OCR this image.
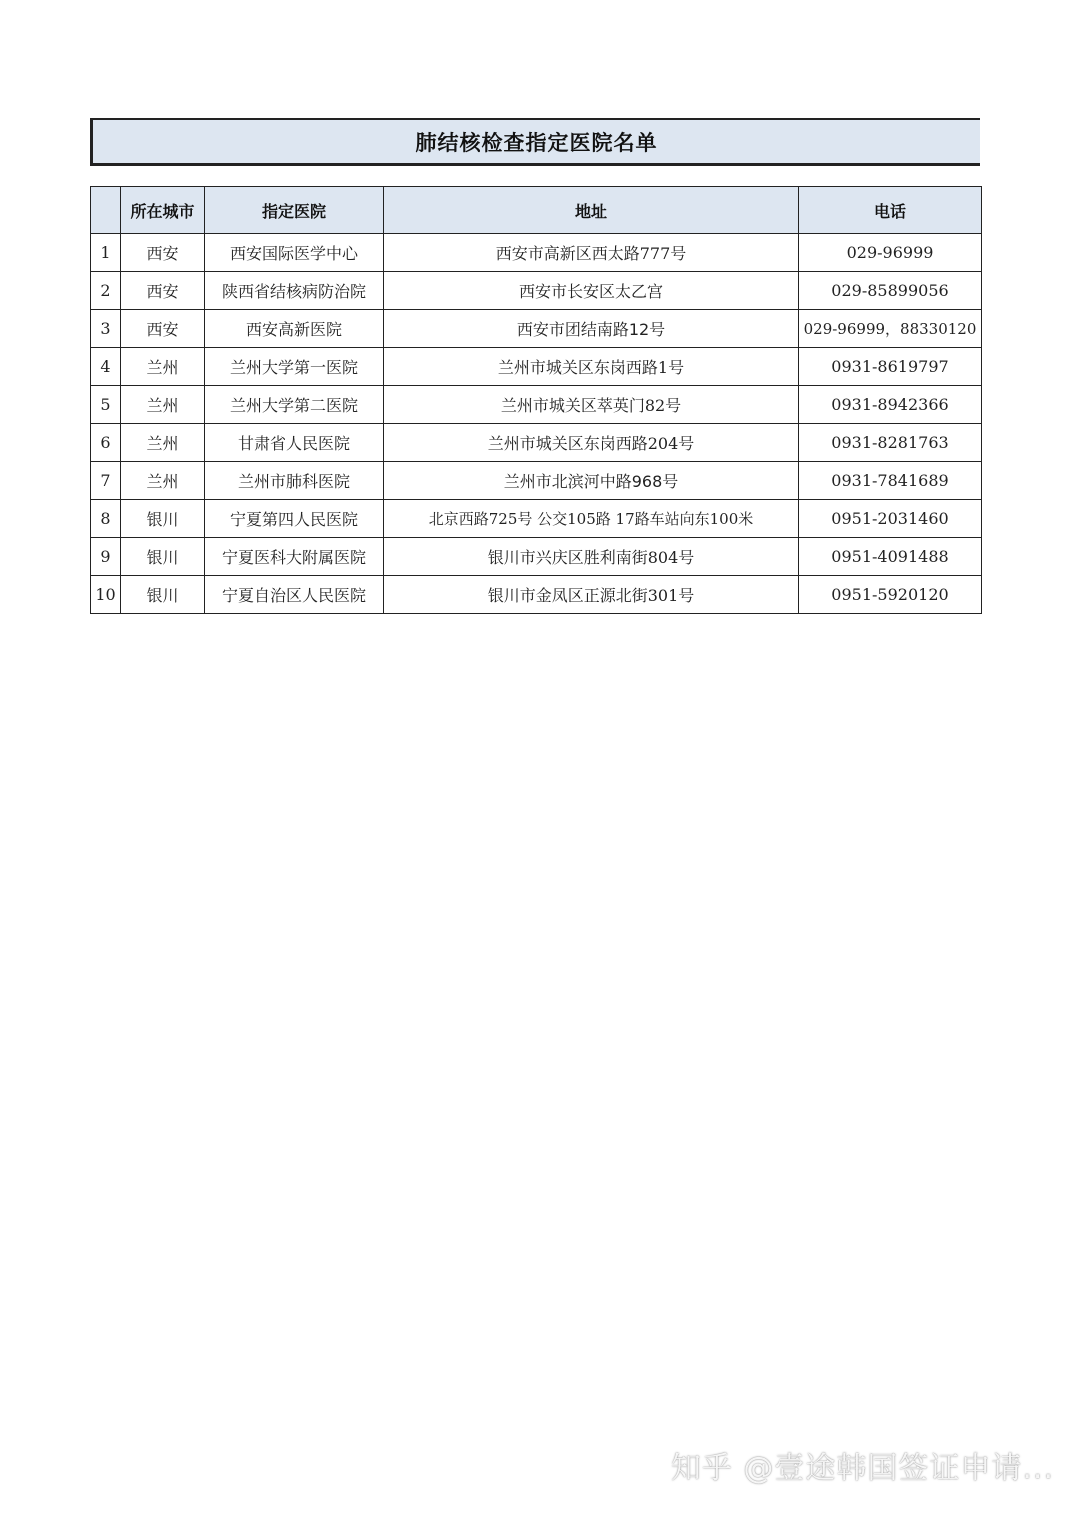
肺结核检查指定医院名单
	所在城市	指定医院	地址	电话
1	西安	西安国际医学中心	西安市高新区西太路777号	029-96999
2	西安	陕西省结核病防治院	西安市长安区太乙宫	029-85899056
3	西安	西安高新医院	西安市团结南路12号	029-96999，88330120
4	兰州	兰州大学第一医院	兰州市城关区东岗西路1号	0931-8619797
5	兰州	兰州大学第二医院	兰州市城关区萃英门82号	0931-8942366
6	兰州	甘肃省人民医院	兰州市城关区东岗西路204号	0931-8281763
7	兰州	兰州市肺科医院	兰州市北滨河中路968号	0931-7841689
8	银川	宁夏第四人民医院	北京西路725号 公交105路 17路车站向东100米	0951-2031460
9	银川	宁夏医科大附属医院	银川市兴庆区胜利南街804号	0951-4091488
10	银川	宁夏自治区人民医院	银川市金凤区正源北街301号	0951-5920120
知乎 @壹途韩国签证申请...
